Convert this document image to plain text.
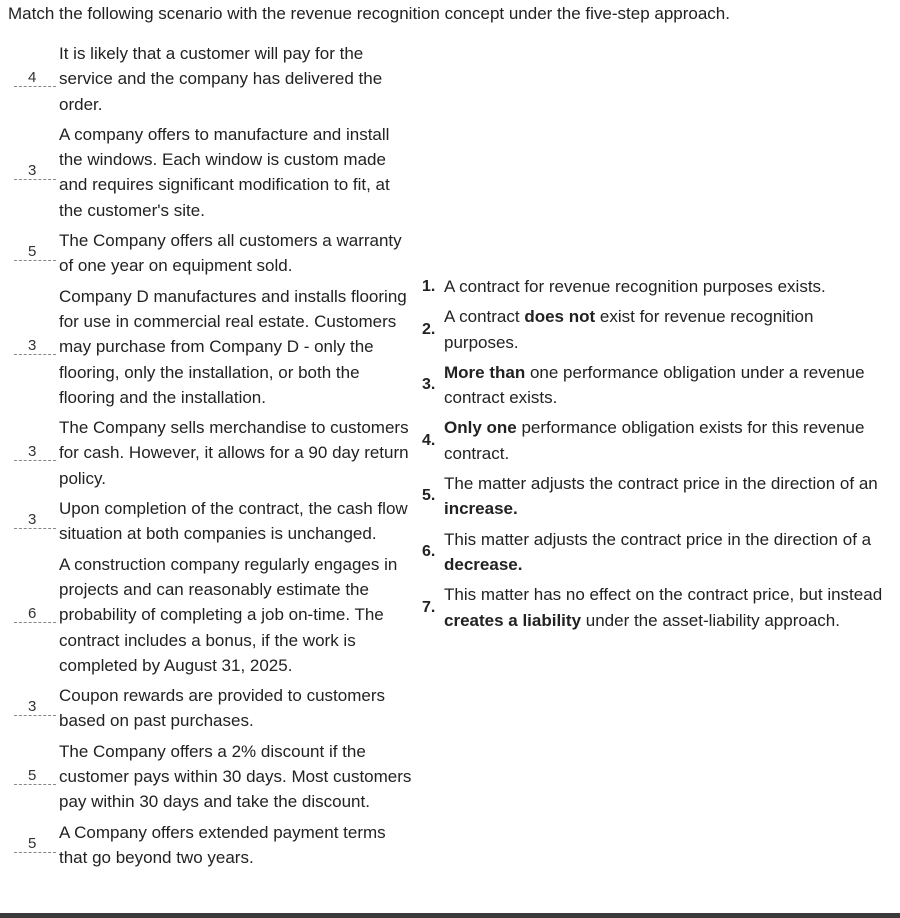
Match the following scenario with the revenue recognition concept under the five-step approach.
4
It is likely that a customer will pay for the service and the company has delivered the order.
3
A company offers to manufacture and install the windows. Each window is custom made and requires significant modification to fit, at the customer's site.
5
The Company offers all customers a warranty of one year on equipment sold.
3
Company D manufactures and installs flooring for use in commercial real estate. Customers may purchase from Company D - only the flooring, only the installation, or both the flooring and the installation.
3
The Company sells merchandise to customers for cash. However, it allows for a 90 day return policy.
3
Upon completion of the contract, the cash flow situation at both companies is unchanged.
6
A construction company regularly engages in projects and can reasonably estimate the probability of completing a job on-time. The contract includes a bonus, if the work is completed by August 31, 2025.
3
Coupon rewards are provided to customers based on past purchases.
5
The Company offers a 2% discount if the customer pays within 30 days. Most customers pay within 30 days and take the discount.
5
A Company offers extended payment terms that go beyond two years.
1. A contract for revenue recognition purposes exists.
2.
A contract does not exist for revenue recognition purposes.
3.
More than one performance obligation under a revenue contract exists.
4.
Only one performance obligation exists for this revenue contract.
5.
The matter adjusts the contract price in the direction of an increase.
6.
This matter adjusts the contract price in the direction of a decrease.
7.
This matter has no effect on the contract price, but instead creates a liability under the asset-liability approach.
